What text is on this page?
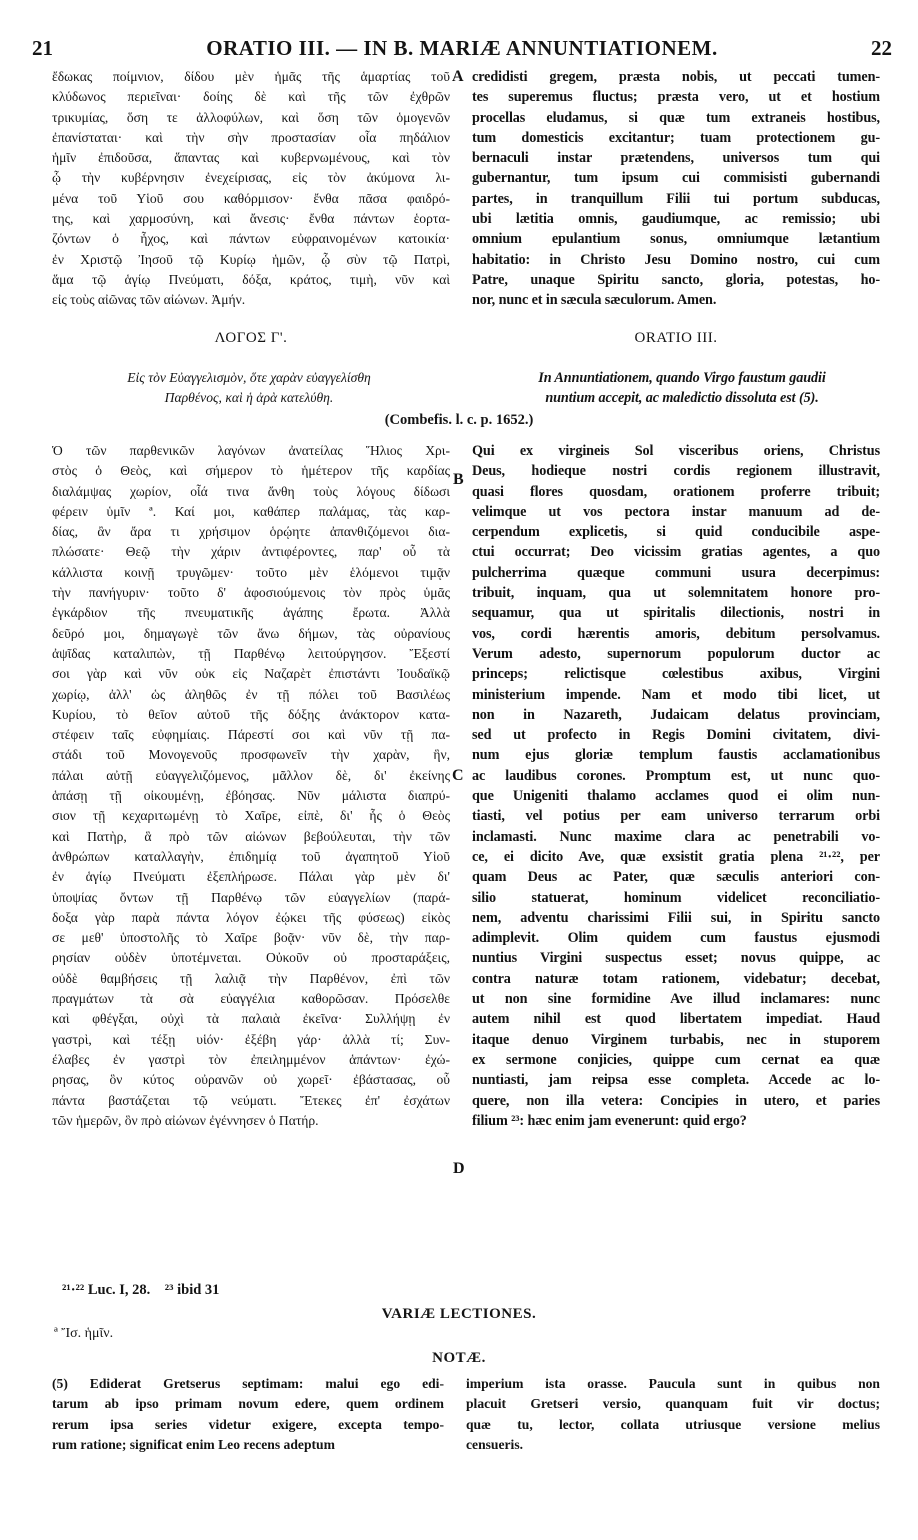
21	ORATIO III. — IN B. MARIÆ ANNUNTIATIONEM.	22
ἔδωκας ποίμνιον, δίδου μὲν ἡμᾶς τῆς ἁμαρτίας τοῦ
κλύδωνος περιεῖναι· δοίης δὲ καὶ τῆς τῶν ἐχθρῶν
τρικυμίας, ὅση τε ἀλλοφύλων, καὶ ὅση τῶν ὁμογενῶν
ἐπανίσταται· καὶ τὴν σὴν προστασίαν οἷα πηδάλιον
ἡμῖν ἐπιδοῦσα, ἅπαντας καὶ κυβερνωμένους, καὶ τὸν
ᾧ τὴν κυβέρνησιν ἐνεχείρισας, εἰς τὸν ἀκύμονα λι-
μένα τοῦ Υἱοῦ σου καθόρμισον· ἔνθα πᾶσα φαιδρό-
της, καὶ χαρμοσύνη, καὶ ἄνεσις· ἔνθα πάντων ἑορτα-
ζόντων ὁ ἦχος, καὶ πάντων εὐφραινομένων κατοικία·
ἐν Χριστῷ Ἰησοῦ τῷ Κυρίῳ ἡμῶν, ᾧ σὺν τῷ Πατρὶ,
ἅμα τῷ ἁγίῳ Πνεύματι, δόξα, κράτος, τιμὴ, νῦν καὶ
εἰς τοὺς αἰῶνας τῶν αἰώνων. Ἀμήν.
A credidisti gregem, præsta nobis, ut peccati tumen-
tes superemus fluctus; præsta vero, ut et hostium
procellas eludamus, si quæ tum extraneis hostibus,
tum domesticis excitantur; tuam protectionem gu-
bernaculi instar prætendens, universos tum qui
gubernantur, tum ipsum cui commisisti gubernandi
partes, in tranquillum Filii tui portum subducas,
ubi lætitia omnis, gaudiumque, ac remissio; ubi
omnium epulantium sonus, omniumque lætantium
habitatio: in Christo Jesu Domino nostro, cui cum
Patre, unaque Spiritu sancto, gloria, potestas, ho-
nor, nunc et in sæcula sæculorum. Amen.
ΛΟΓΟΣ Γ'.	ORATIO III.
Εἰς τὸν Εὐαγγελισμὸν, ὅτε χαρὰν εὐαγγελίσθη
Παρθένος, καὶ ἡ ἀρὰ κατελύθη.
In Annuntiationem, quando Virgo faustum gaudii
nuntium accepit, ac maledictio dissoluta est (5).
(Combefis. l. c. p. 1652.)
Ὁ τῶν παρθενικῶν λαγόνων ἀνατείλας Ἥλιος Χρι-
στὸς ὁ Θεὸς, καὶ σήμερον τὸ ἡμέτερον τῆς καρδίας
διαλάμψας χωρίον, οἷά τινα ἄνθη τοὺς λόγους δίδωσι
φέρειν ὑμῖν ª. Καί μοι, καθάπερ παλάμας, τὰς καρ-
δίας, ἂν ἄρα τι χρήσιμον ὁρῴητε ἀπανθιζόμενοι δια-
πλώσατε· Θεῷ τὴν χάριν ἀντιφέροντες, παρ' οὗ τὰ
κάλλιστα κοινῇ τρυγῶμεν· τοῦτο μὲν ἑλόμενοι τιμᾷν
τὴν πανήγυριν· τοῦτο δ' ἀφοσιούμενοις τὸν πρὸς ὑμᾶς
ἐγκάρδιον τῆς πνευματικῆς ἀγάπης ἔρωτα. Ἀλλὰ
δεῦρό μοι, δημαγωγὲ τῶν ἄνω δήμων, τὰς οὐρανίους
ἀψῖδας καταλιπὼν, τῇ Παρθένῳ λειτούργησον. Ἔξεστί
σοι γὰρ καὶ νῦν οὐκ εἰς Ναζαρὲτ ἐπιστάντι Ἰουδαϊκῷ
χωρίῳ, ἀλλ' ὡς ἀληθῶς ἐν τῇ πόλει τοῦ Βασιλέως
Κυρίου, τὸ θεῖον αὐτοῦ τῆς δόξης ἀνάκτορον κατα-
στέφειν ταῖς εὐφημίαις. Πάρεστί σοι καὶ νῦν τῇ πα-
στάδι τοῦ Μονογενοῦς προσφωνεῖν τὴν χαρὰν, ἣν,
πάλαι αὐτῇ εὐαγγελιζόμενος, μᾶλλον δὲ, δι' ἐκείνης
ἁπάσῃ τῇ οἰκουμένῃ, ἐβόησας. Νῦν μάλιστα διαπρύ-
σιον τῇ κεχαριτωμένῃ τὸ Χαῖρε, εἰπὲ, δι' ἧς ὁ Θεὸς
καὶ Πατὴρ, ἃ πρὸ τῶν αἰώνων βεβούλευται, τὴν τῶν
ἀνθρώπων καταλλαγὴν, ἐπιδημίᾳ τοῦ ἀγαπητοῦ Υἱοῦ
ἐν ἁγίῳ Πνεύματι ἐξεπλήρωσε. Πάλαι γὰρ μὲν δι'
ὑποψίας ὄντων τῇ Παρθένῳ τῶν εὐαγγελίων (παρά-
δοξα γὰρ παρὰ πάντα λόγον ἐῴκει τῆς φύσεως) εἰκὸς
σε μεθ' ὑποστολῆς τὸ Χαῖρε βοᾷν· νῦν δὲ, τὴν παρ-
ρησίαν οὐδὲν ὑποτέμνεται. Οὐκοῦν οὐ προσταράξεις,
οὐδὲ θαμβήσεις τῇ λαλιᾷ τὴν Παρθένον, ἐπὶ τῶν
πραγμάτων τὰ σὰ εὐαγγέλια καθορῶσαν. Πρόσελθε
καὶ φθέγξαι, οὐχὶ τὰ παλαιὰ ἐκεῖνα· Συλλήψῃ ἐν
γαστρὶ, καὶ τέξῃ υἱόν· ἐξέβη γάρ· ἀλλὰ τί; Συν-
έλαβες ἐν γαστρὶ τὸν ἐπειλημμένον ἁπάντων· ἐχώ-
ρησας, ὃν κύτος οὐρανῶν οὐ χωρεῖ· ἐβάστασας, οὗ
πάντα βαστάζεται τῷ νεύματι. Ἔτεκες ἐπ' ἐσχάτων
τῶν ἡμερῶν, ὃν πρὸ αἰώνων ἐγέννησεν ὁ Πατήρ.
B
C
D
Qui ex virgineis Sol visceribus oriens, Christus
Deus, hodieque nostri cordis regionem illustravit,
quasi flores quosdam, orationem proferre tribuit;
velimque ut vos pectora instar manuum ad de-
cerpendum explicetis, si quid conducibile aspe-
ctui occurrat; Deo vicissim gratias agentes, a quo
pulcherrima quæque communi usura decerpimus:
tribuit, inquam, qua ut solemnitatem honore pro-
sequamur, qua ut spiritalis dilectionis, nostri in
vos, cordi hærentis amoris, debitum persolvamus.
Verum adesto, supernorum populorum ductor ac
princeps; relictisque cœlestibus axibus, Virgini
ministerium impende. Nam et modo tibi licet, ut
non in Nazareth, Judaicam delatus provinciam,
sed ut profecto in Regis Domini civitatem, divi-
num ejus gloriæ templum faustis acclamationibus
ac laudibus corones. Promptum est, ut nunc quo-
que Unigeniti thalamo acclames quod ei olim nun-
tiasti, vel potius per eam universo terrarum orbi
inclamasti. Nunc maxime clara ac penetrabili vo-
ce, ei dicito Ave, quæ exsistit gratia plena ²¹·²², per
quam Deus ac Pater, quæ sæculis anteriori con-
silio statuerat, hominum videlicet reconciliatio-
nem, adventu charissimi Filii sui, in Spiritu sancto
adimplevit. Olim quidem cum faustus ejusmodi
nuntius Virgini suspectus esset; novus quippe, ac
contra naturæ totam rationem, videbatur; decebat,
ut non sine formidine Ave illud inclamares: nunc
autem nihil est quod libertatem impediat. Haud
itaque denuo Virginem turbabis, nec in stuporem
ex sermone conjicies, quippe cum cernat ea quæ
nuntiasti, jam reipsa esse completa. Accede ac lo-
quere, non illa vetera: Concipies in utero, et paries
filium ²³: hæc enim jam evenerunt: quid ergo?
²¹·²² Luc. I, 28.    ²³ ibid 31
VARIÆ LECTIONES.
ª Ἴσ. ἡμῖν.
NOTÆ.
(5) Ediderat Gretserus septimam: malui ego edi-
tarum ab ipso primam novum edere, quem ordinem
rerum ipsa series videtur exigere, excepta tempo-
rum ratione; significat enim Leo recens adeptum
imperium ista orasse. Paucula sunt in quibus non
placuit Gretseri versio, quanquam fuit vir doctus;
quæ tu, lector, collata utriusque versione melius
censueris.
